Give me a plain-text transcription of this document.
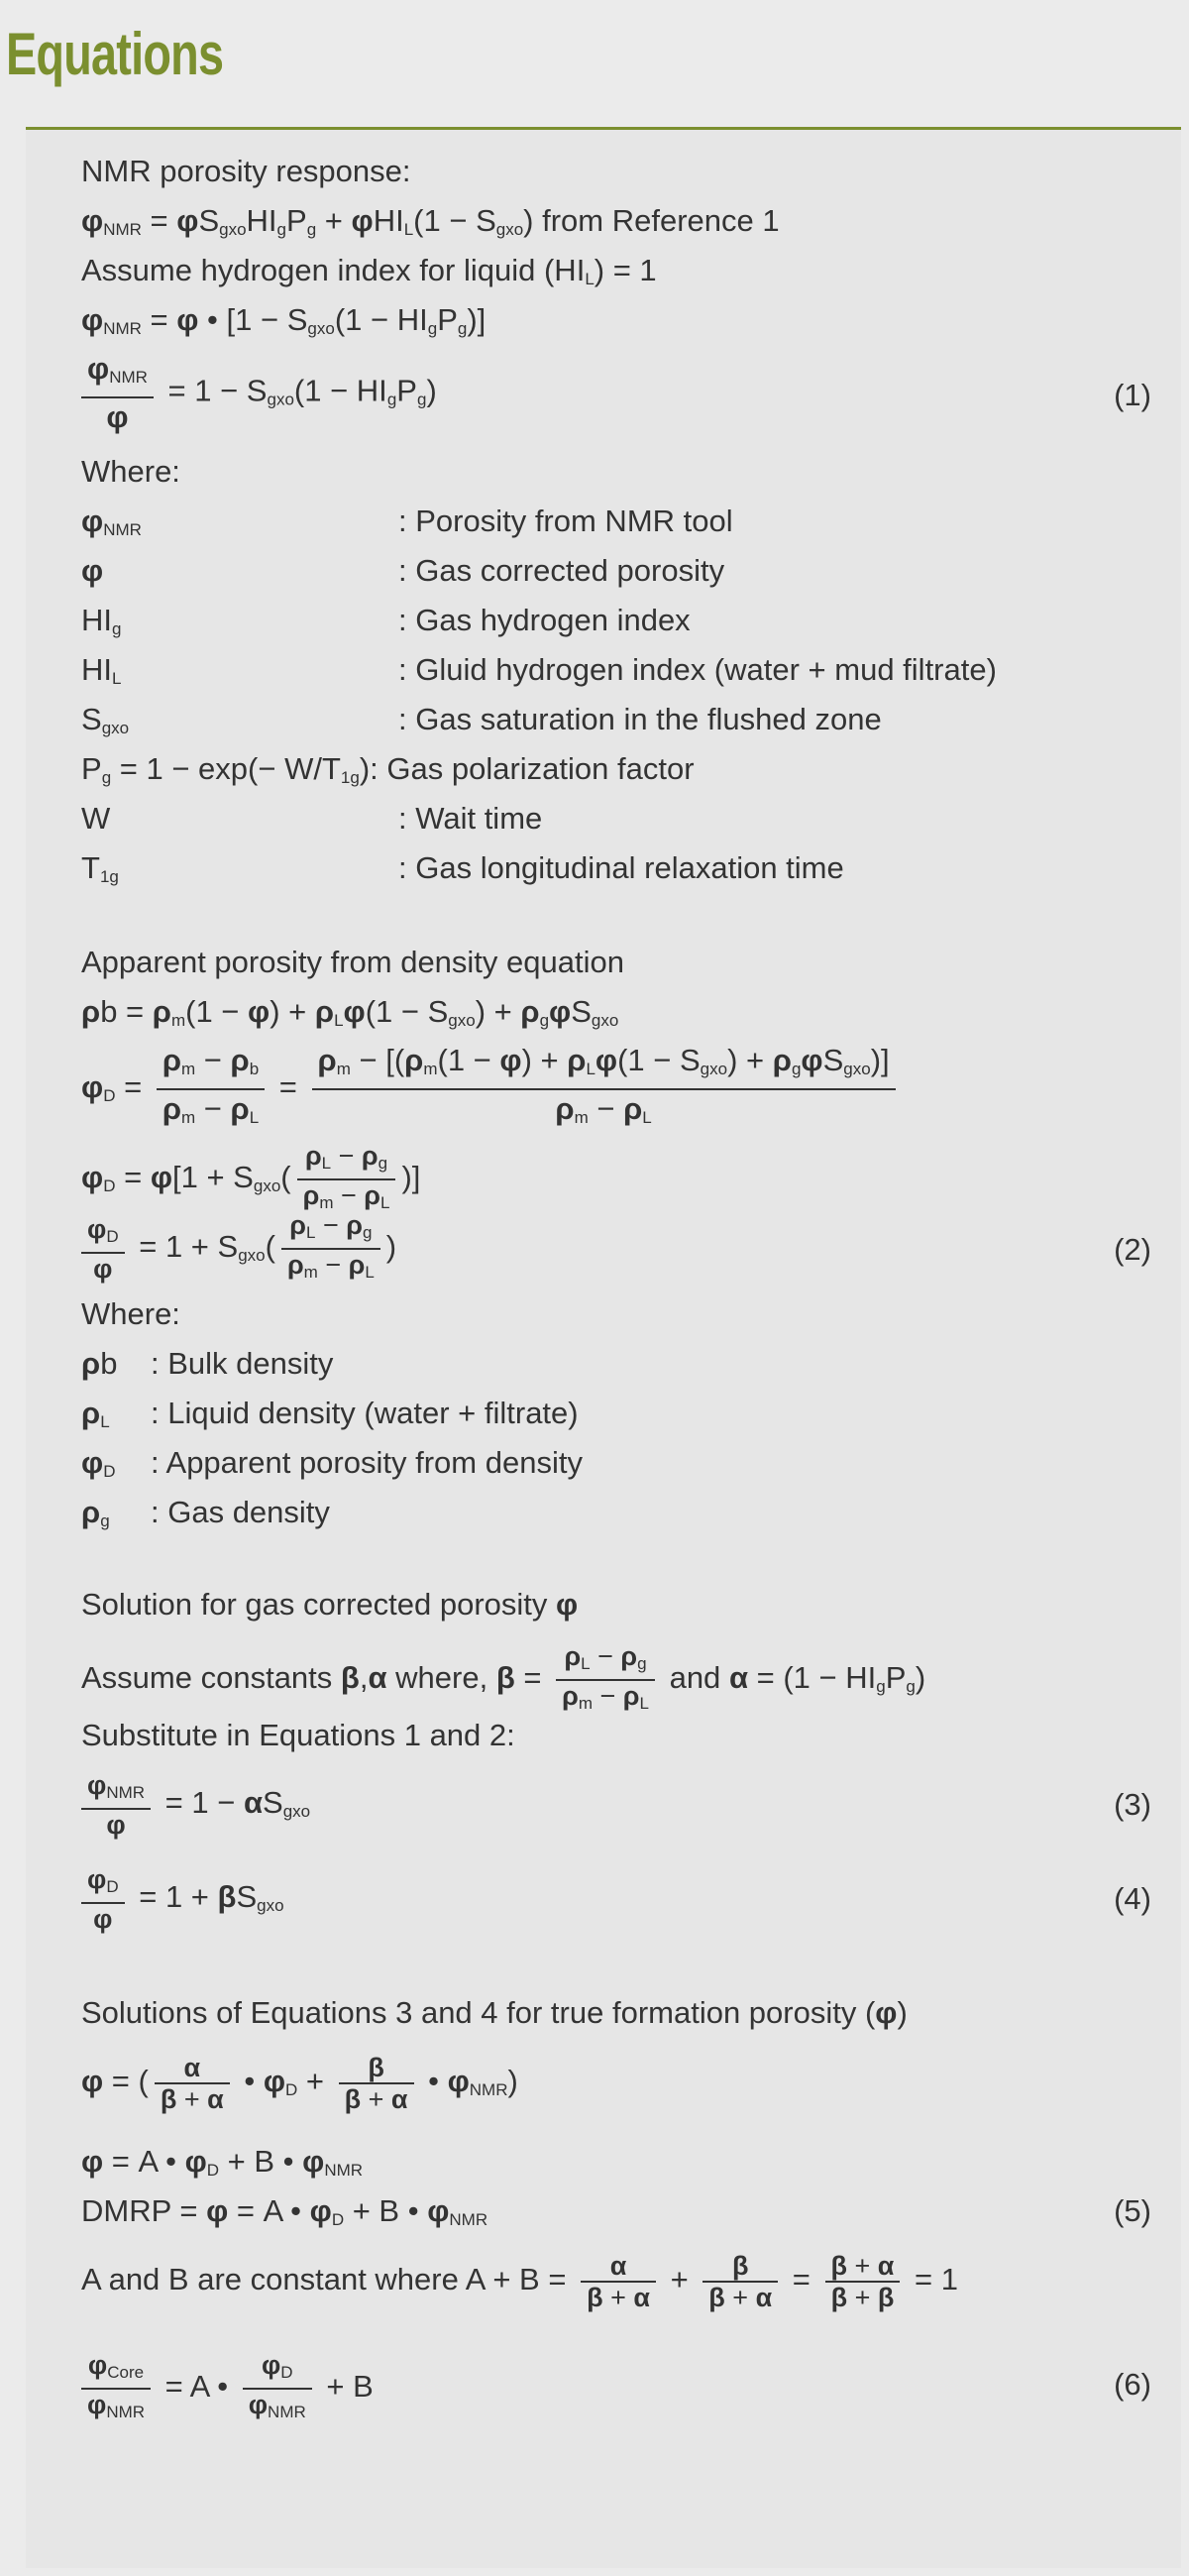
Equations
NMR porosity response:
$\varphi_{NMR} = \varphi S_{gxo}HI_gP_g + \varphi HI_L(1 - S_{gxo})$ from Reference 1
Assume hydrogen index for liquid $(HI_L) = 1$
$\varphi_{NMR} = \varphi$ • $[1 - S_{gxo}(1 - HI_gP_g)]$
$\frac{\varphi_{NMR}}{\varphi} = 1 - S_{gxo}(1 - HI_gP_g)$	(1)
Where:
$\varphi_{NMR}$	: Porosity from NMR tool
φ	: Gas corrected porosity
$HI_g$	: Gas hydrogen index
$HI_L$	: Gluid hydrogen index (water + mud filtrate)
$S_{gxo}$	: Gas saturation in the flushed zone
$P_g = 1 - \exp(- W/T_{1g})$: Gas polarization factor
W	: Wait time
$T_{1g}$	: Gas longitudinal relaxation time
Apparent porosity from density equation
$\rho b = \rho_m(1 - \varphi) + \rho_L\varphi(1 - S_{gxo}) + \rho_g\varphi S_{gxo}$
$\varphi_D = \frac{\rho_m - \rho_b}{\rho_m - \rho_L} = \frac{\rho_m - [(\rho_m(1 - \varphi) + \rho_L\varphi(1 - S_{gxo}) + \rho_g\varphi S_{gxo})]}{\rho_m - \rho_L}$
$\varphi_D = \varphi[1 + S_{gxo}( \frac{\rho_L - \rho_g}{\rho_m - \rho_L}$ )]
$\frac{\varphi_D}{\varphi} = 1 + S_{gxo}( \frac{\rho_L - \rho_g}{\rho_m - \rho_L}$ )	(2)
Where:
ρb : Bulk density
$\rho_L$ : Liquid density (water + filtrate)
$\varphi_D$ : Apparent porosity from density
$\rho_g$ : Gas density
Solution for gas corrected porosity φ
Assume constants β,α where, $\beta = \frac{\rho_L - \rho_g}{\rho_m - \rho_L}$ and $\alpha = (1 - HI_gP_g)$
Substitute in Equations 1 and 2:
$\frac{\varphi_{NMR}}{\varphi} = 1 - \alpha S_{gxo}$	(3)
$\frac{\varphi_D}{\varphi} = 1 + \beta S_{gxo}$	(4)
Solutions of Equations 3 and 4 for true formation porosity (φ)
φ = ( $\frac{\alpha}{\beta + \alpha}$ • $\varphi_D + \frac{\beta}{\beta + \alpha}$ • $\varphi_{NMR}$)
φ = A • $\varphi_D + B$ • $\varphi_{NMR}$
DMRP = φ = A • $\varphi_D + B$ • $\varphi_{NMR}$	(5)
A and B are constant where $A + B = \frac{\alpha}{\beta + \alpha} + \frac{\beta}{\beta + \alpha} = \frac{\beta + \alpha}{\beta + \beta} = 1$
$\frac{\varphi_{Core}}{\varphi_{NMR}} = A$ • $\frac{\varphi_D}{\varphi_{NMR}} + B$	(6)
